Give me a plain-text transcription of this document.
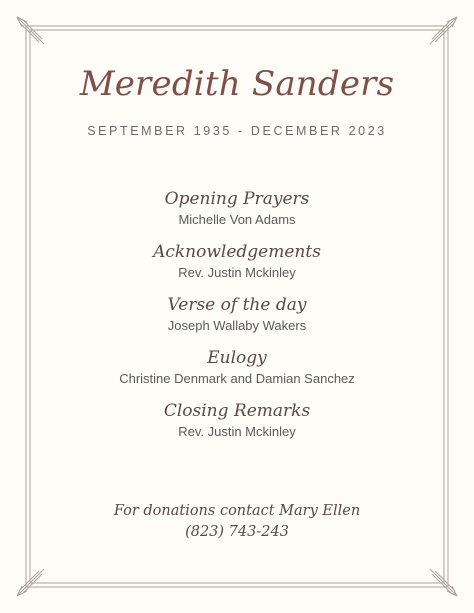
Meredith Sanders
SEPTEMBER 1935 - DECEMBER 2023
Opening Prayers
Michelle Von Adams
Acknowledgements
Rev. Justin Mckinley
Verse of the day
Joseph Wallaby Wakers
Eulogy
Christine Denmark and Damian Sanchez
Closing Remarks
Rev. Justin Mckinley
For donations contact Mary Ellen
(823) 743-243
